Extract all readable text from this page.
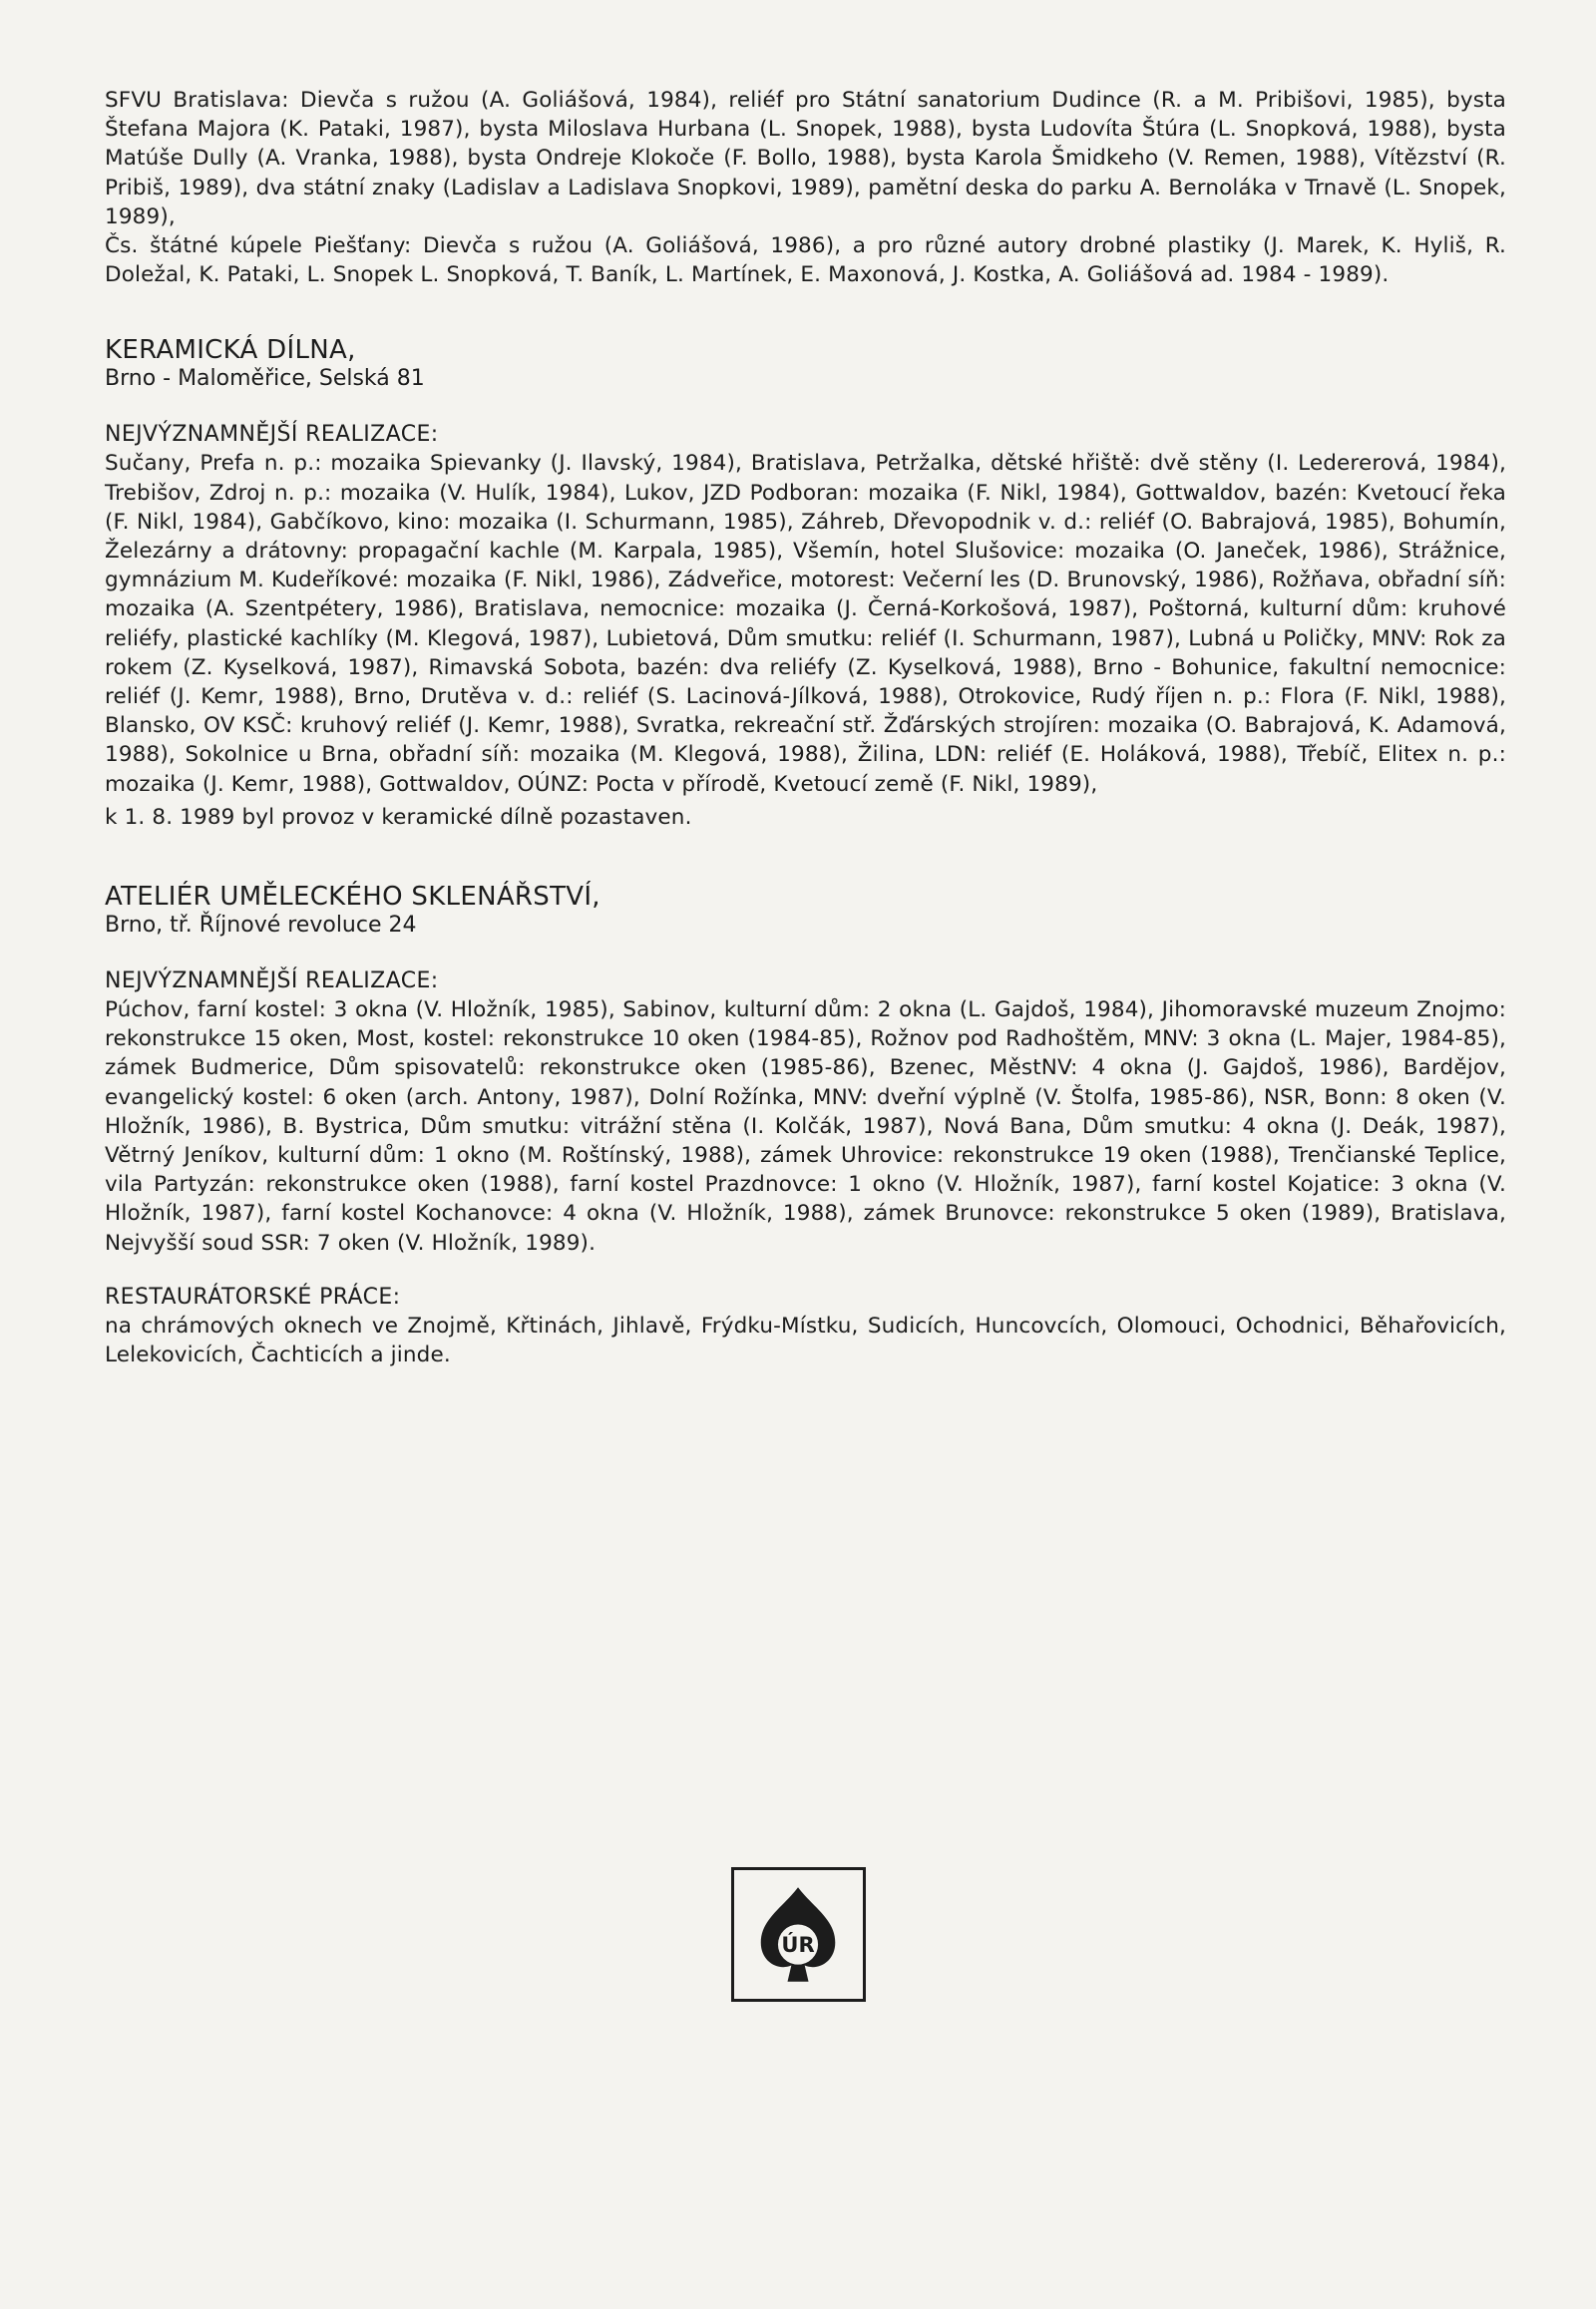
SFVU Bratislava: Dievča s ružou (A. Goliášová, 1984), reliéf pro Státní sanatorium Dudince (R. a M. Pribišovi, 1985), bysta Štefana Majora (K. Pataki, 1987), bysta Miloslava Hurbana (L. Snopek, 1988), bysta Ludovíta Štúra (L. Snopková, 1988), bysta Matúše Dully (A. Vranka, 1988), bysta Ondreje Klokoče (F. Bollo, 1988), bysta Karola Šmidkeho (V. Remen, 1988), Vítězství (R. Pribiš, 1989), dva státní znaky (Ladislav a Ladislava Snopkovi, 1989), pamětní deska do parku A. Bernoláka v Trnavě (L. Snopek, 1989),

Čs. štátné kúpele Piešťany: Dievča s ružou (A. Goliášová, 1986), a pro různé autory drobné plastiky (J. Marek, K. Hyliš, R. Doležal, K. Pataki, L. Snopek L. Snopková, T. Baník, L. Martínek, E. Maxonová, J. Kostka, A. Goliášová ad. 1984 - 1989).

KERAMICKÁ DÍLNA,
Brno - Maloměřice, Selská 81
NEJVÝZNAMNĚJŠÍ REALIZACE:

Sučany, Prefa n. p.: mozaika Spievanky (J. Ilavský, 1984), Bratislava, Petržalka, dětské hřiště: dvě stěny (I. Ledererová, 1984), Trebišov, Zdroj n. p.: mozaika (V. Hulík, 1984), Lukov, JZD Podboran: mozaika (F. Nikl, 1984), Gottwaldov, bazén: Kvetoucí řeka (F. Nikl, 1984), Gabčíkovo, kino: mozaika (I. Schurmann, 1985), Záhreb, Dřevopodnik v. d.: reliéf (O. Babrajová, 1985), Bohumín, Železárny a drátovny: propagační kachle (M. Karpala, 1985), Všemín, hotel Slušovice: mozaika (O. Janeček, 1986), Strážnice, gymnázium M. Kudeříkové: mozaika (F. Nikl, 1986), Zádveřice, motorest: Večerní les (D. Brunovský, 1986), Rožňava, obřadní síň: mozaika (A. Szentpétery, 1986), Bratislava, nemocnice: mozaika (J. Černá-Korkošová, 1987), Poštorná, kulturní dům: kruhové reliéfy, plastické kachlíky (M. Klegová, 1987), Lubietová, Dům smutku: reliéf (I. Schurmann, 1987), Lubná u Poličky, MNV: Rok za rokem (Z. Kyselková, 1987), Rimavská Sobota, bazén: dva reliéfy (Z. Kyselková, 1988), Brno - Bohunice, fakultní nemocnice: reliéf (J. Kemr, 1988), Brno, Drutěva v. d.: reliéf (S. Lacinová-Jílková, 1988), Otrokovice, Rudý říjen n. p.: Flora (F. Nikl, 1988), Blansko, OV KSČ: kruhový reliéf (J. Kemr, 1988), Svratka, rekreační stř. Žďárských strojíren: mozaika (O. Babrajová, K. Adamová, 1988), Sokolnice u Brna, obřadní síň: mozaika (M. Klegová, 1988), Žilina, LDN: reliéf (E. Holáková, 1988), Třebíč, Elitex n. p.: mozaika (J. Kemr, 1988), Gottwaldov, OÚNZ: Pocta v přírodě, Kvetoucí země (F. Nikl, 1989),

k 1. 8. 1989 byl provoz v keramické dílně pozastaven.

ATELIÉR UMĚLECKÉHO SKLENÁŘSTVÍ,
Brno, tř. Říjnové revoluce 24
NEJVÝZNAMNĚJŠÍ REALIZACE:

Púchov, farní kostel: 3 okna (V. Hložník, 1985), Sabinov, kulturní dům: 2 okna (L. Gajdoš, 1984), Jihomoravské muzeum Znojmo: rekonstrukce 15 oken, Most, kostel: rekonstrukce 10 oken (1984-85), Rožnov pod Radhoštěm, MNV: 3 okna (L. Majer, 1984-85), zámek Budmerice, Dům spisovatelů: rekonstrukce oken (1985-86), Bzenec, MěstNV: 4 okna (J. Gajdoš, 1986), Bardějov, evangelický kostel: 6 oken (arch. Antony, 1987), Dolní Rožínka, MNV: dveřní výplně (V. Štolfa, 1985-86), NSR, Bonn: 8 oken (V. Hložník, 1986), B. Bystrica, Dům smutku: vitrážní stěna (I. Kolčák, 1987), Nová Bana, Dům smutku: 4 okna (J. Deák, 1987), Větrný Jeníkov, kulturní dům: 1 okno (M. Roštínský, 1988), zámek Uhrovice: rekonstrukce 19 oken (1988), Trenčianské Teplice, vila Partyzán: rekonstrukce oken (1988), farní kostel Prazdnovce: 1 okno (V. Hložník, 1987), farní kostel Kojatice: 3 okna (V. Hložník, 1987), farní kostel Kochanovce: 4 okna (V. Hložník, 1988), zámek Brunovce: rekonstrukce 5 oken (1989), Bratislava, Nejvyšší soud SSR: 7 oken (V. Hložník, 1989).

RESTAURÁTORSKÉ PRÁCE:

na chrámových oknech ve Znojmě, Křtinách, Jihlavě, Frýdku-Místku, Sudicích, Huncovcích, Olomouci, Ochodnici, Běhařovicích, Lelekovicích, Čachticích a jinde.

ÚR
